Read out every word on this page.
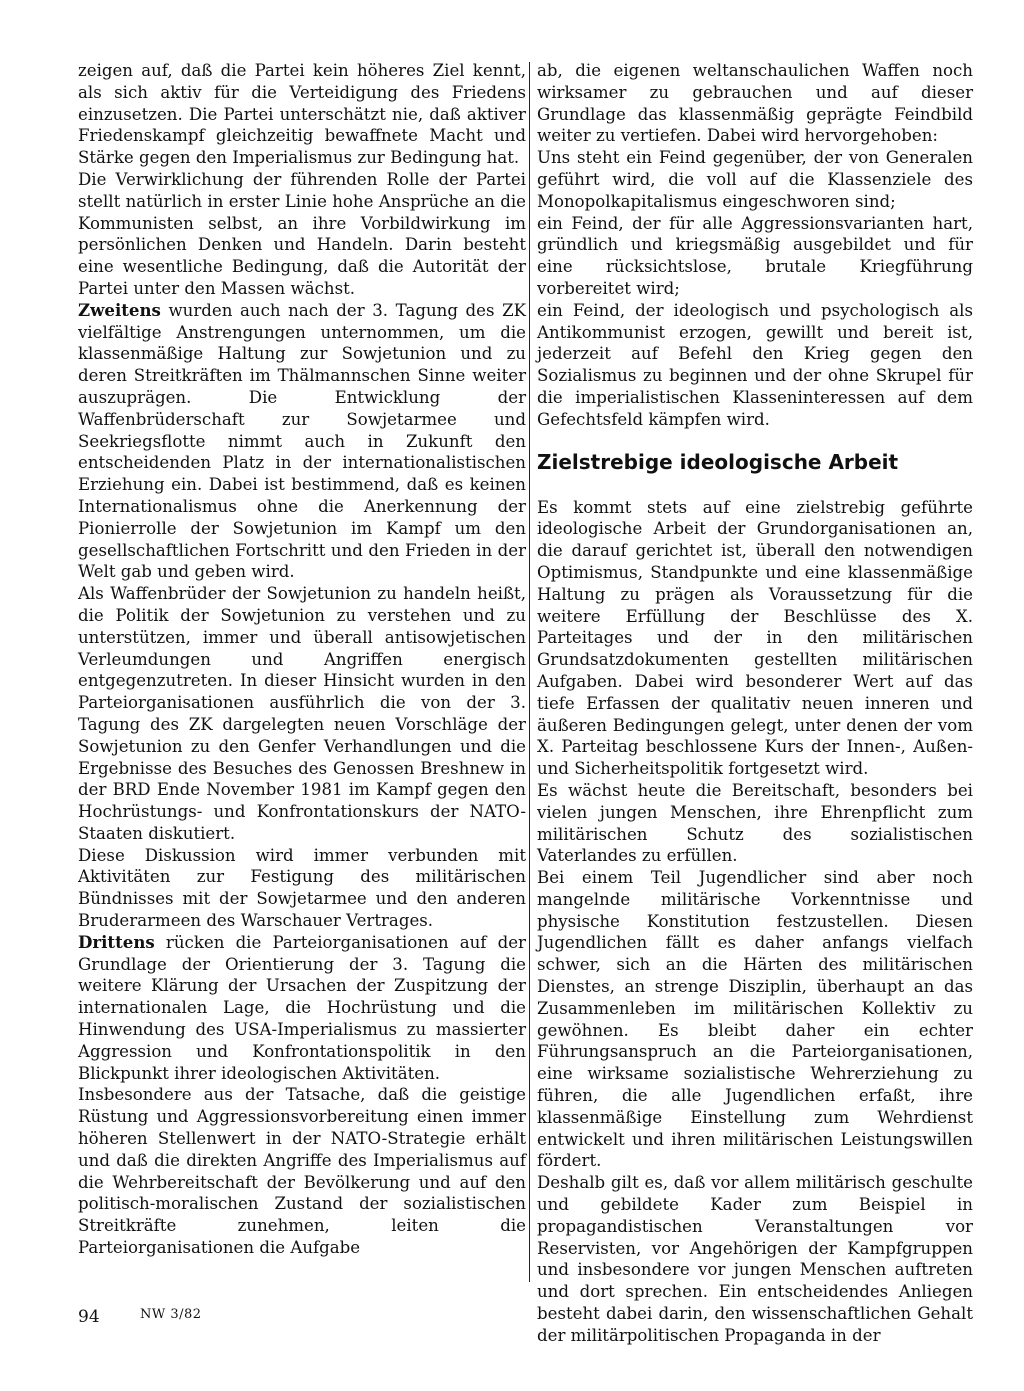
zeigen auf, daß die Partei kein höheres Ziel kennt, als sich aktiv für die Verteidigung des Friedens einzusetzen. Die Partei unterschätzt nie, daß aktiver Friedenskampf gleichzeitig bewaffnete Macht und Stärke gegen den Imperialismus zur Bedingung hat.

Die Verwirklichung der führenden Rolle der Partei stellt natürlich in erster Linie hohe Ansprüche an die Kommunisten selbst, an ihre Vorbildwirkung im persönlichen Denken und Handeln. Darin besteht eine wesentliche Bedingung, daß die Autorität der Partei unter den Massen wächst.

Zweitens wurden auch nach der 3. Tagung des ZK vielfältige Anstrengungen unternommen, um die klassenmäßige Haltung zur Sowjetunion und zu deren Streitkräften im Thälmannschen Sinne weiter auszuprägen. Die Entwicklung der Waffenbrüderschaft zur Sowjetarmee und Seekriegsflotte nimmt auch in Zukunft den entscheidenden Platz in der internationalistischen Erziehung ein. Dabei ist bestimmend, daß es keinen Internationalismus ohne die Anerkennung der Pionierrolle der Sowjetunion im Kampf um den gesellschaftlichen Fortschritt und den Frieden in der Welt gab und geben wird.

Als Waffenbrüder der Sowjetunion zu handeln heißt, die Politik der Sowjetunion zu verstehen und zu unterstützen, immer und überall antisowjetischen Verleumdungen und Angriffen energisch entgegenzutreten. In dieser Hinsicht wurden in den Parteiorganisationen ausführlich die von der 3. Tagung des ZK dargelegten neuen Vorschläge der Sowjetunion zu den Genfer Verhandlungen und die Ergebnisse des Besuches des Genossen Breshnew in der BRD Ende November 1981 im Kampf gegen den Hochrüstungs- und Konfrontationskurs der NATO-Staaten diskutiert.

Diese Diskussion wird immer verbunden mit Aktivitäten zur Festigung des militärischen Bündnisses mit der Sowjetarmee und den anderen Bruderarmeen des Warschauer Vertrages.

Drittens rücken die Parteiorganisationen auf der Grundlage der Orientierung der 3. Tagung die weitere Klärung der Ursachen der Zuspitzung der internationalen Lage, die Hochrüstung und die Hinwendung des USA-Imperialismus zu massierter Aggression und Konfrontationspolitik in den Blickpunkt ihrer ideologischen Aktivitäten.

Insbesondere aus der Tatsache, daß die geistige Rüstung und Aggressionsvorbereitung einen immer höheren Stellenwert in der NATO-Strategie erhält und daß die direkten Angriffe des Imperialismus auf die Wehrbereitschaft der Bevölkerung und auf den politisch-moralischen Zustand der sozialistischen Streitkräfte zunehmen, leiten die Parteiorganisationen die Aufgabe

ab, die eigenen weltanschaulichen Waffen noch wirksamer zu gebrauchen und auf dieser Grundlage das klassenmäßig geprägte Feindbild weiter zu vertiefen. Dabei wird hervorgehoben:

Uns steht ein Feind gegenüber, der von Generalen geführt wird, die voll auf die Klassenziele des Monopolkapitalismus eingeschworen sind;

ein Feind, der für alle Aggressionsvarianten hart, gründlich und kriegsmäßig ausgebildet und für eine rücksichtslose, brutale Kriegführung vorbereitet wird;

ein Feind, der ideologisch und psychologisch als Antikommunist erzogen, gewillt und bereit ist, jederzeit auf Befehl den Krieg gegen den Sozialismus zu beginnen und der ohne Skrupel für die imperialistischen Klasseninteressen auf dem Gefechtsfeld kämpfen wird.

Zielstrebige ideologische Arbeit

Es kommt stets auf eine zielstrebig geführte ideologische Arbeit der Grundorganisationen an, die darauf gerichtet ist, überall den notwendigen Optimismus, Standpunkte und eine klassenmäßige Haltung zu prägen als Voraussetzung für die weitere Erfüllung der Beschlüsse des X. Parteitages und der in den militärischen Grundsatzdokumenten gestellten militärischen Aufgaben. Dabei wird besonderer Wert auf das tiefe Erfassen der qualitativ neuen inneren und äußeren Bedingungen gelegt, unter denen der vom X. Parteitag beschlossene Kurs der Innen-, Außen- und Sicherheitspolitik fortgesetzt wird.

Es wächst heute die Bereitschaft, besonders bei vielen jungen Menschen, ihre Ehrenpflicht zum militärischen Schutz des sozialistischen Vaterlandes zu erfüllen.

Bei einem Teil Jugendlicher sind aber noch mangelnde militärische Vorkenntnisse und physische Konstitution festzustellen. Diesen Jugendlichen fällt es daher anfangs vielfach schwer, sich an die Härten des militärischen Dienstes, an strenge Disziplin, überhaupt an das Zusammenleben im militärischen Kollektiv zu gewöhnen. Es bleibt daher ein echter Führungsanspruch an die Parteiorganisationen, eine wirksame sozialistische Wehrerziehung zu führen, die alle Jugendlichen erfaßt, ihre klassenmäßige Einstellung zum Wehrdienst entwickelt und ihren militärischen Leistungswillen fördert.

Deshalb gilt es, daß vor allem militärisch geschulte und gebildete Kader zum Beispiel in propagandistischen Veranstaltungen vor Reservisten, vor Angehörigen der Kampfgruppen und insbesondere vor jungen Menschen auftreten und dort sprechen. Ein entscheidendes Anliegen besteht dabei darin, den wissenschaftlichen Gehalt der militärpolitischen Propaganda in der

94	NW 3/82
